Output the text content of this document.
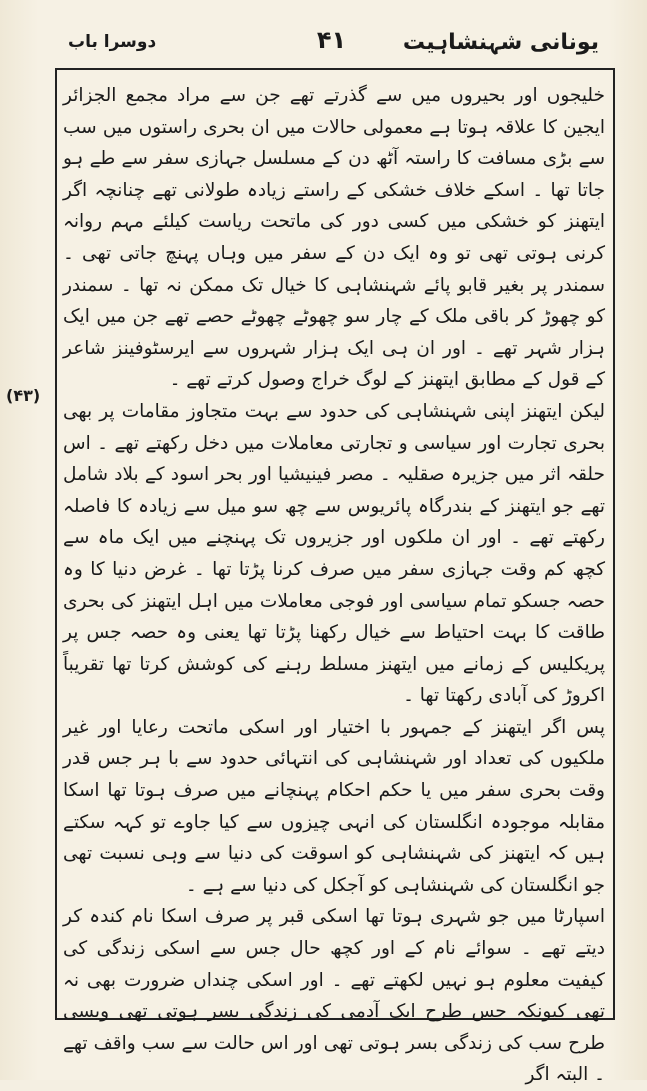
دوسرا باب	۴۱	یونانی شہنشاہیت
(۴۳)

خلیجوں اور بحیروں میں سے گذرتے تھے جن سے مراد مجمع الجزائر ایجین کا علاقہ ہوتا ہے معمولی حالات میں ان بحری راستوں میں سب سے بڑی مسافت کا راستہ آٹھ دن کے مسلسل جہازی سفر سے طے ہو جاتا تھا ۔ اسکے خلاف خشکی کے راستے زیادہ طولانی تھے چنانچہ اگر ایتھنز کو خشکی میں کسی دور کی ماتحت ریاست کیلئے مہم روانہ کرنی ہوتی تھی تو وہ ایک دن کے سفر میں وہاں پہنچ جاتی تھی ۔ سمندر پر بغیر قابو پائے شہنشاہی کا خیال تک ممکن نہ تھا ۔ سمندر کو چھوڑ کر باقی ملک کے چار سو چھوٹے چھوٹے حصے تھے جن میں ایک ہزار شہر تھے ۔ اور ان ہی ایک ہزار شہروں سے ایرسٹوفینز شاعر کے قول کے مطابق ایتھنز کے لوگ خراج وصول کرتے تھے ۔

لیکن ایتھنز اپنی شہنشاہی کی حدود سے بہت متجاوز مقامات پر بھی بحری تجارت اور سیاسی و تجارتی معاملات میں دخل رکھتے تھے ۔ اس حلقہ اثر میں جزیرہ صقلیہ ۔ مصر فینیشیا اور بحر اسود کے بلاد شامل تھے جو ایتھنز کے بندرگاہ پائریوس سے چھ سو میل سے زیادہ کا فاصلہ رکھتے تھے ۔ اور ان ملکوں اور جزیروں تک پہنچنے میں ایک ماہ سے کچھ کم وقت جہازی سفر میں صرف کرنا پڑتا تھا ۔ غرض دنیا کا وہ حصہ جسکو تمام سیاسی اور فوجی معاملات میں اہل ایتھنز کی بحری طاقت کا بہت احتیاط سے خیال رکھنا پڑتا تھا یعنی وہ حصہ جس پر پریکلیس کے زمانے میں ایتھنز مسلط رہنے کی کوشش کرتا تھا تقریباً اکروڑ کی آبادی رکھتا تھا ۔

پس اگر ایتھنز کے جمہور با اختیار اور اسکی ماتحت رعایا اور غیر ملکیوں کی تعداد اور شہنشاہی کی انتہائی حدود سے با ہر جس قدر وقت بحری سفر میں یا حکم احکام پہنچانے میں صرف ہوتا تھا اسکا مقابلہ موجودہ انگلستان کی انہی چیزوں سے کیا جاوے تو کہہ سکتے ہیں کہ ایتھنز کی شہنشاہی کو اسوقت کی دنیا سے وہی نسبت تھی جو انگلستان کی شہنشاہی کو آجکل کی دنیا سے ہے ۔

اسپارٹا میں جو شہری ہوتا تھا اسکی قبر پر صرف اسکا نام کندہ کر دیتے تھے ۔ سوائے نام کے اور کچھ حال جس سے اسکی زندگی کی کیفیت معلوم ہو نہیں لکھتے تھے ۔ اور اسکی چنداں ضرورت بھی نہ تھی کیونکہ جس طرح ایک آدمی کی زندگی بسر ہوتی تھی ویسی طرح سب کی زندگی بسر ہوتی تھی اور اس حالت سے سب واقف تھے ۔ البتہ اگر
